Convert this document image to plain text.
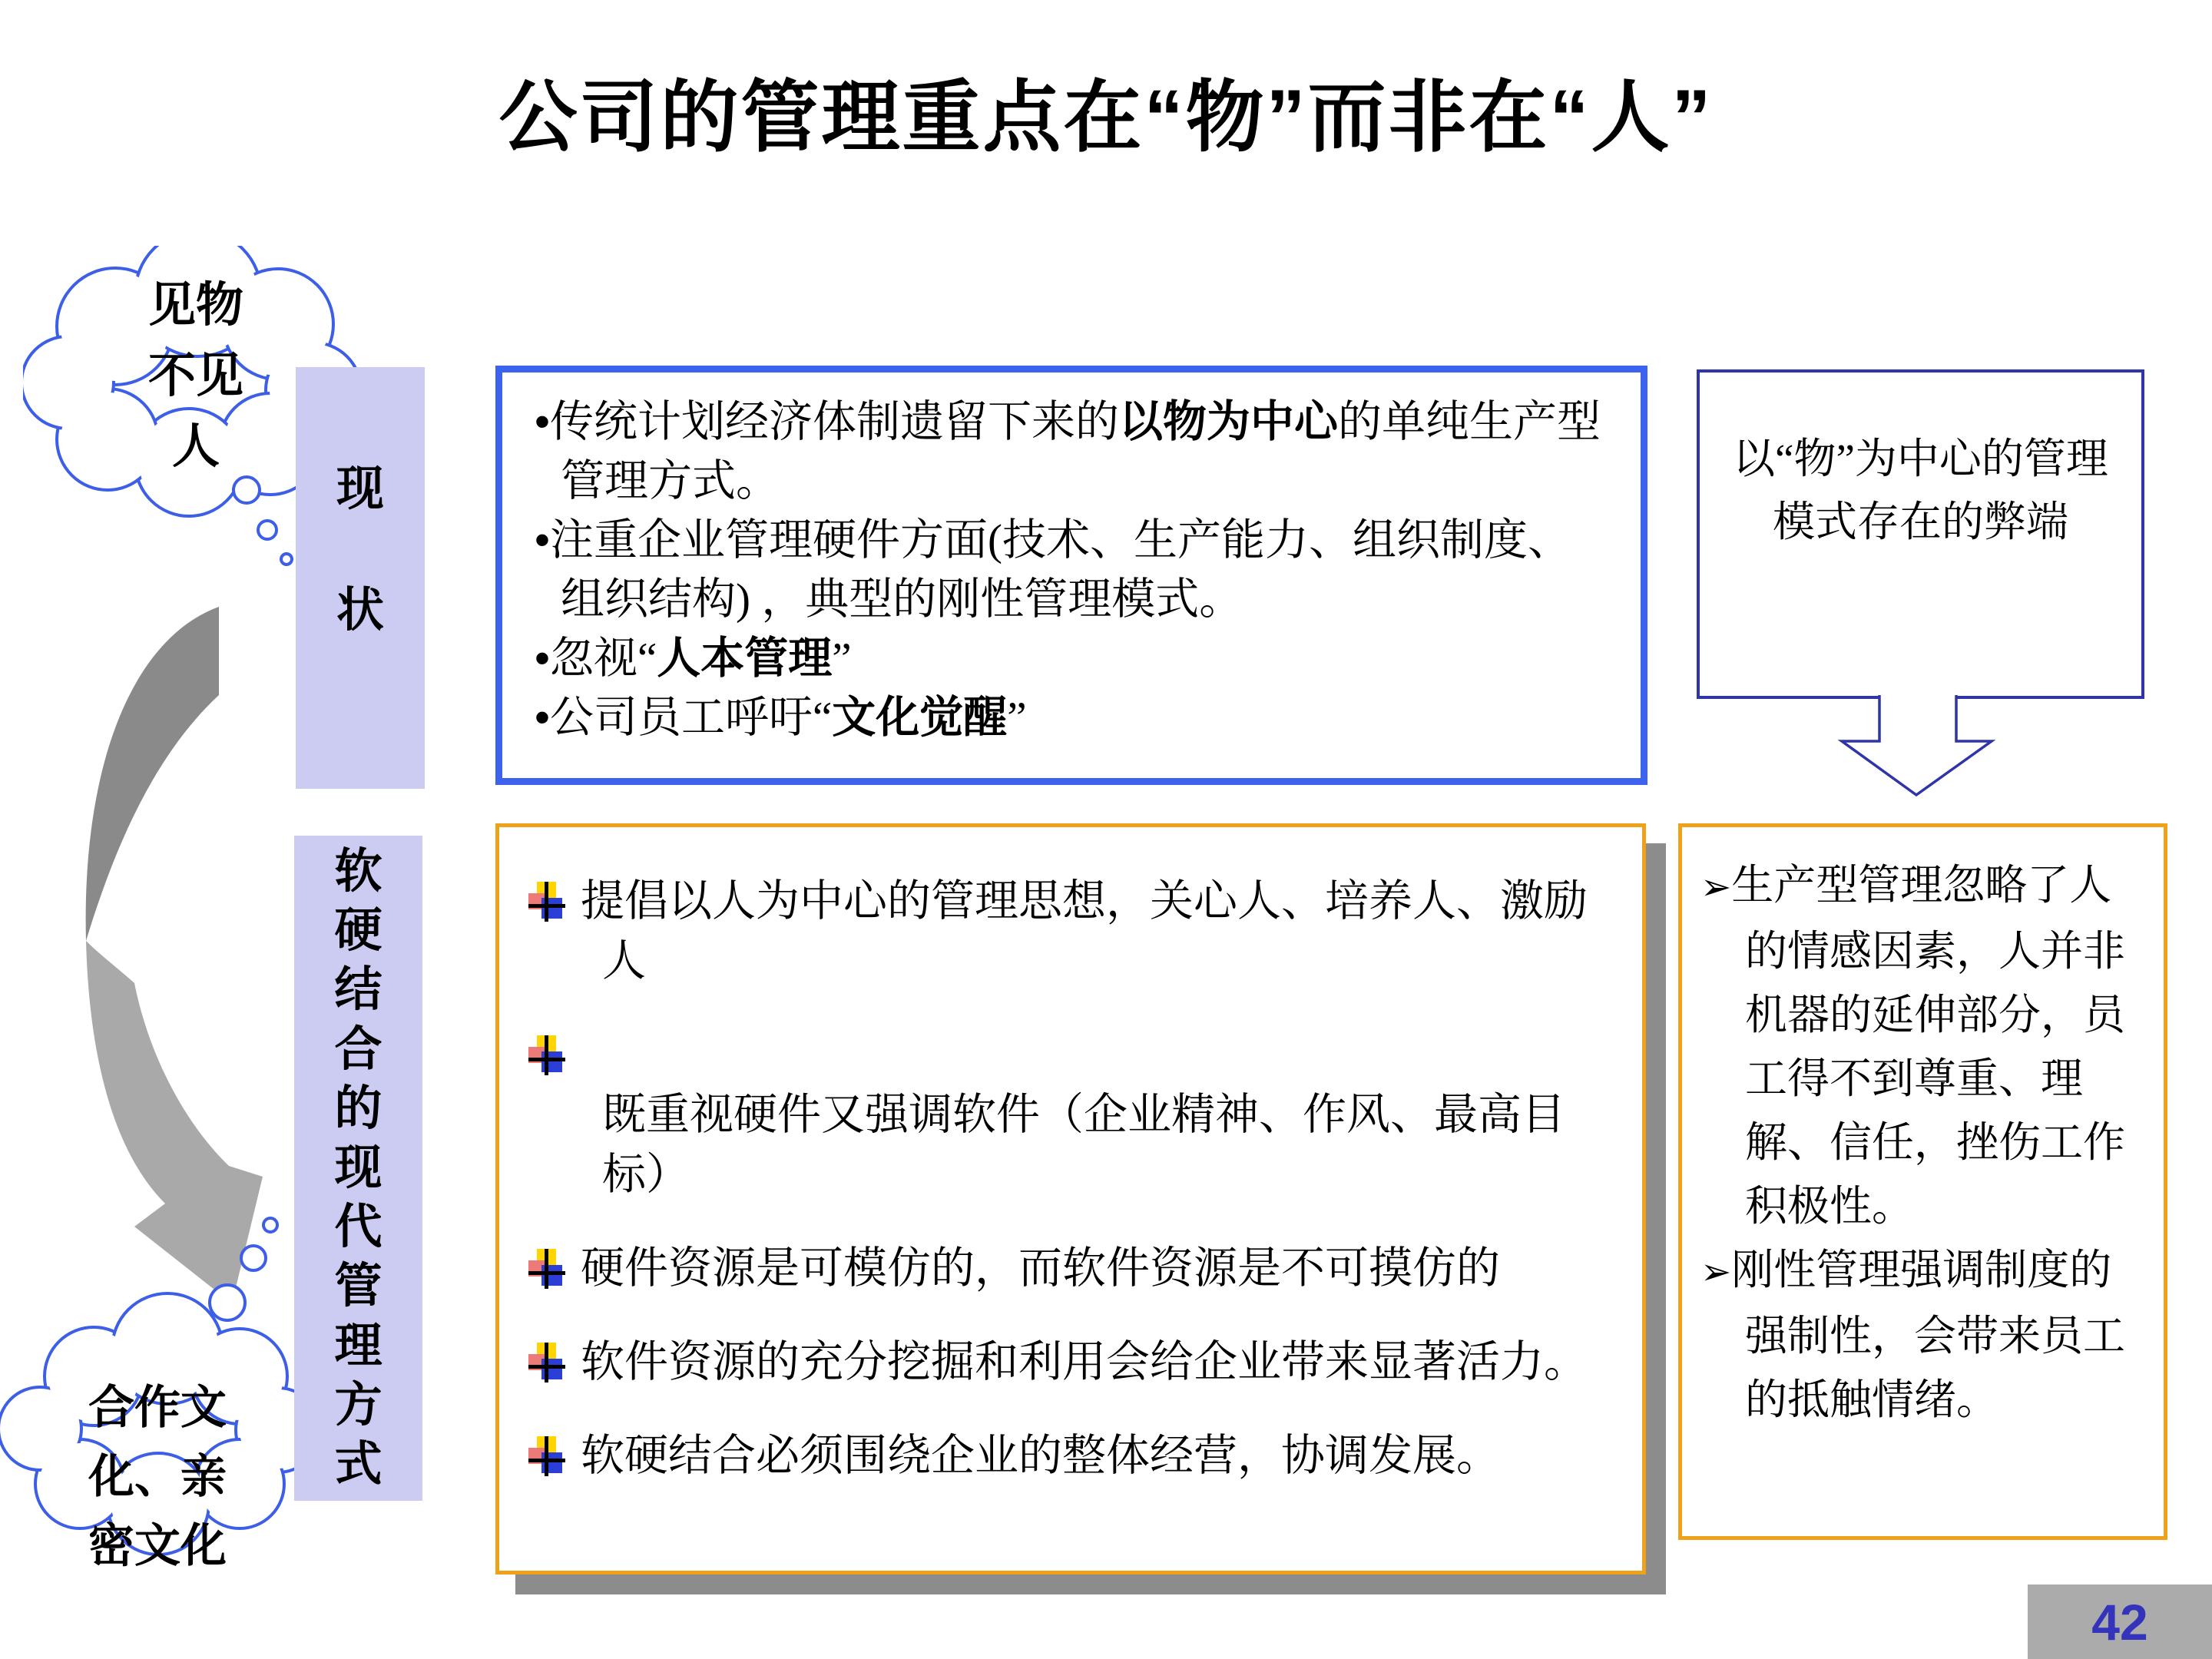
公司的管理重点在“物”而非在“人”
见物
不见
人
合作文
化、亲
密文化
现
状
软
硬
结
合
的
现
代
管
理
方
式
•传统计划经济体制遗留下来的以物为中心的单纯生产型管理方式。
•注重企业管理硬件方面(技术、生产能力、组织制度、组织结构) ，典型的刚性管理模式。
•忽视“人本管理”
•公司员工呼吁“文化觉醒”
以“物”为中心的管理模式存在的弊端
提倡以人为中心的管理思想，关心人、培养人、激励人
既重视硬件又强调软件（企业精神、作风、最高目标）
硬件资源是可模仿的，而软件资源是不可摸仿的
软件资源的充分挖掘和利用会给企业带来显著活力。
软硬结合必须围绕企业的整体经营，协调发展。
➢生产型管理忽略了人的情感因素，人并非机器的延伸部分，员工得不到尊重、理解、信任，挫伤工作积极性。
➢刚性管理强调制度的强制性，会带来员工的抵触情绪。
42
